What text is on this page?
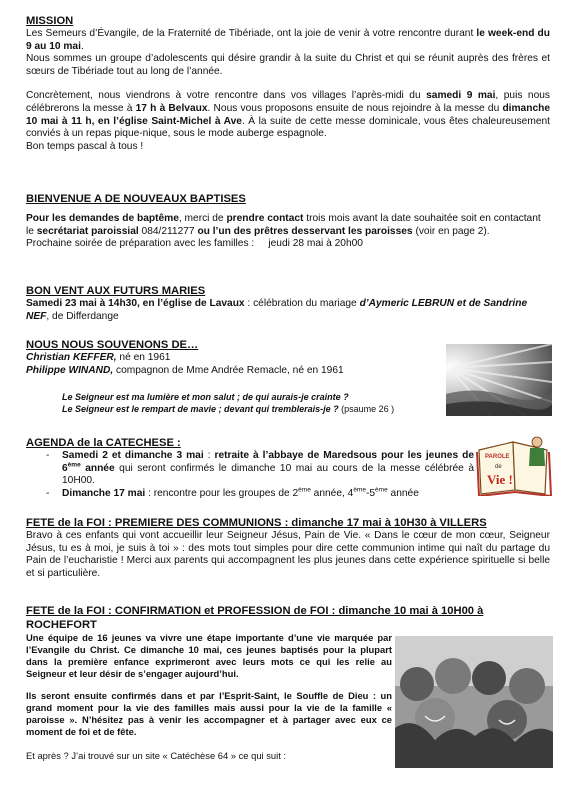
MISSION

Les Semeurs d’Évangile, de la Fraternité de Tibériade, ont la joie de venir à votre rencontre durant le week-end du 9 au 10 mai.

Nous sommes un groupe d’adolescents qui désire grandir à la suite du Christ et qui se réunit auprès des frères et sœurs de Tibériade tout au long de l’année.

Concrètement, nous viendrons à votre rencontre dans vos villages l’après-midi du samedi 9 mai, puis nous célébrerons la messe à 17 h à Belvaux. Nous vous proposons ensuite de nous rejoindre à la messe du dimanche 10 mai à 11 h, en l’église Saint-Michel à Ave. À la suite de cette messe dominicale, vous êtes chaleureusement conviés à un repas pique-nique, sous le mode auberge espagnole.

Bon temps pascal à tous !

BIENVENUE A DE NOUVEAUX BAPTISES

Pour les demandes de baptême, merci de prendre contact trois mois avant la date souhaitée soit en contactant le secrétariat paroissial 084/211277 ou l’un des prêtres desservant les paroisses (voir en page 2).

Prochaine soirée de préparation avec les familles :     jeudi 28 mai à 20h00

BON VENT AUX FUTURS MARIES

Samedi 23 mai à 14h30, en l’église de Lavaux : célébration du mariage d’Aymeric LEBRUN et de Sandrine NEF, de Differdange

NOUS NOUS SOUVENONS DE…

Christian KEFFER, né en 1961

Philippe WINAND, compagnon de Mme Andrée Remacle, né en 1961

Le Seigneur est ma lumière et mon salut ; de qui aurais-je crainte ?

Le Seigneur est le rempart de mavie ; devant qui tremblerais-je ? (psaume 26 )

AGENDA de la CATECHESE :

- Samedi 2 et dimanche 3 mai : retraite à l’abbaye de Maredsous pour les jeunes de 6ème année qui seront confirmés le dimanche 10 mai au cours de la messe célébrée à 10H00.

- Dimanche 17 mai : rencontre pour les groupes de 2ème année, 4ème-5ème année

PAROLE
de
Vie !
FETE de la FOI : PREMIERE DES COMMUNIONS : dimanche 17 mai à 10H30 à VILLERS

Bravo à ces enfants qui vont accueillir leur Seigneur Jésus, Pain de Vie. « Dans le cœur de mon cœur, Seigneur Jésus, tu es à moi, je suis à toi » : des mots tout simples pour dire cette communion intime qui naît du partage du Pain de l’eucharistie ! Merci aux parents qui accompagnent les plus jeunes dans cette expérience spirituelle si belle et si particulière.

FETE de la FOI : CONFIRMATION et PROFESSION de FOI : dimanche 10 mai à 10H00 à
ROCHEFORT

Une équipe de 16 jeunes va vivre une étape importante d’une vie marquée par l’Evangile du Christ. Ce dimanche 10 mai, ces jeunes baptisés pour la plupart dans la première enfance exprimeront avec leurs mots ce qui les relie au Seigneur et leur désir de s’engager aujourd’hui.

Ils seront ensuite confirmés dans et par l’Esprit-Saint, le Souffle de Dieu : un grand moment pour la vie des familles mais aussi pour la vie de la famille « paroisse ». N’hésitez pas à venir les accompagner et à partager avec eux ce moment de foi et de fête.

Et après ? J’ai trouvé sur un site « Catéchèse 64 » ce qui suit :
